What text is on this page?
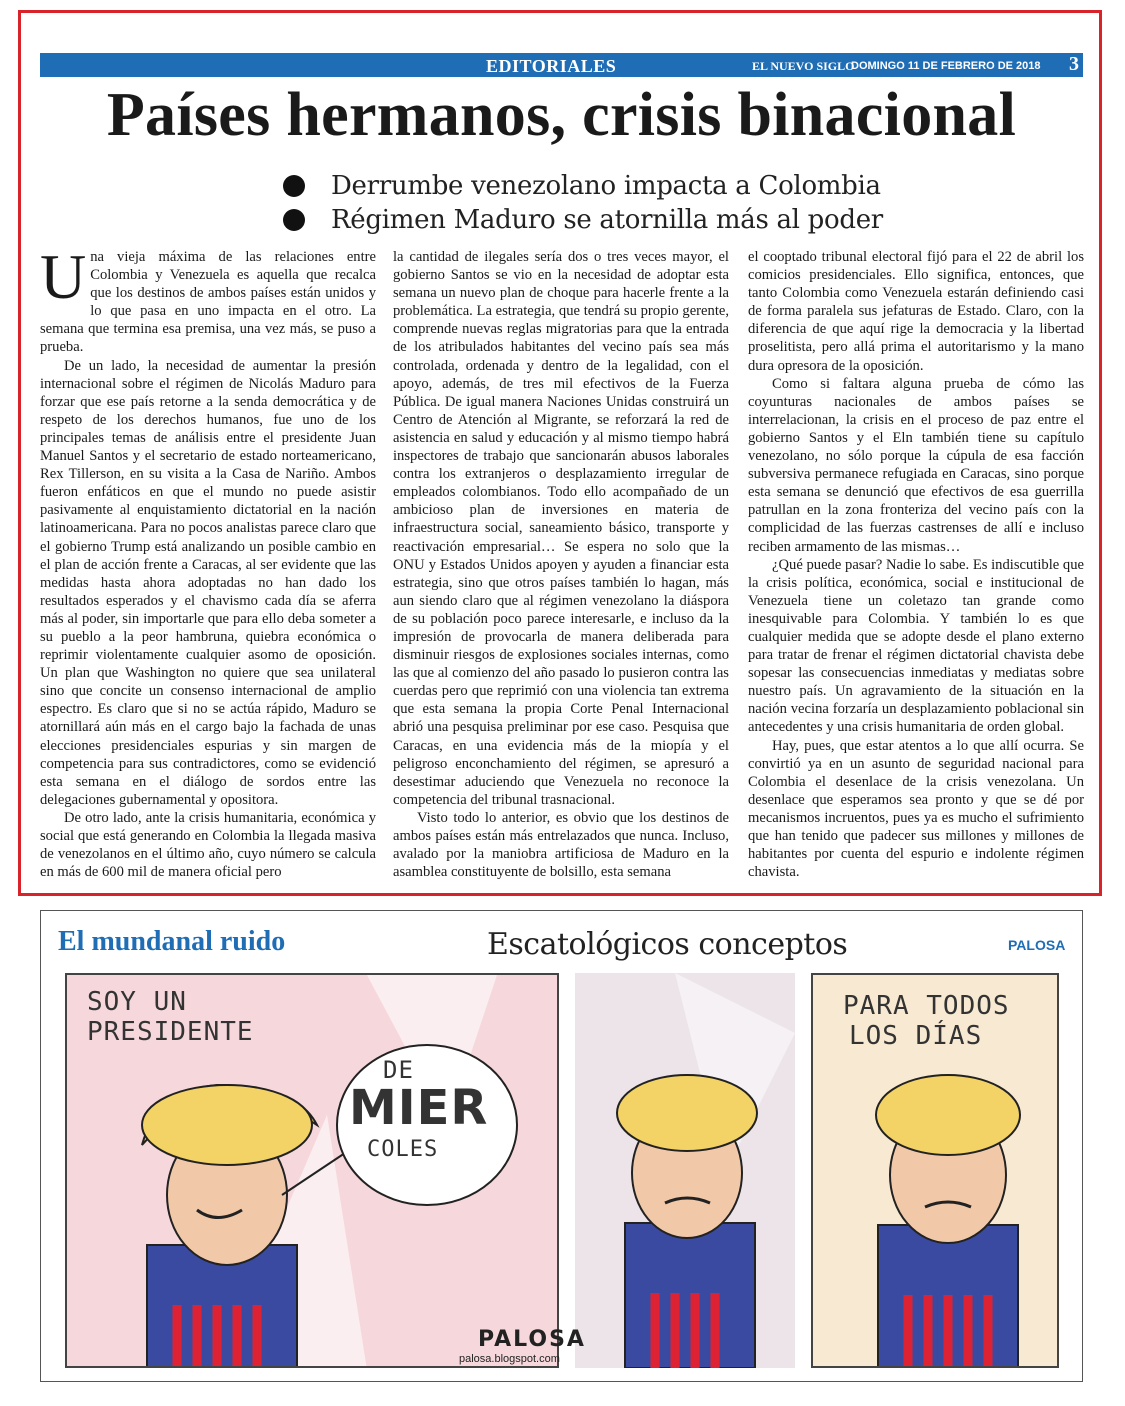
EDITORIALES	EL NUEVO SIGLO
DOMINGO 11 DE FEBRERO DE 2018 3
Países hermanos, crisis binacional
Derrumbe venezolano impacta a Colombia
Régimen Maduro se atornilla más al poder

Una vieja máxima de las relaciones entre Colombia y Venezuela es aquella que recalca que los destinos de ambos países están unidos y lo que pasa en uno impacta en el otro. La semana que termina esa premisa, una vez más, se puso a prueba.

De un lado, la necesidad de aumentar la presión internacional sobre el régimen de Nicolás Maduro para forzar que ese país retorne a la senda democrática y de respeto de los derechos humanos, fue uno de los principales temas de análisis entre el presidente Juan Manuel Santos y el secretario de estado norteamericano, Rex Tillerson, en su visita a la Casa de Nariño. Ambos fueron enfáticos en que el mundo no puede asistir pasivamente al enquistamiento dictatorial en la nación latinoamericana. Para no pocos analistas parece claro que el gobierno Trump está analizando un posible cambio en el plan de acción frente a Caracas, al ser evidente que las medidas hasta ahora adoptadas no han dado los resultados esperados y el chavismo cada día se aferra más al poder, sin importarle que para ello deba someter a su pueblo a la peor hambruna, quiebra económica o reprimir violentamente cualquier asomo de oposición. Un plan que Washington no quiere que sea unilateral sino que concite un consenso internacional de amplio espectro. Es claro que si no se actúa rápido, Maduro se atornillará aún más en el cargo bajo la fachada de unas elecciones presidenciales espurias y sin margen de competencia para sus contradictores, como se evidenció esta semana en el diálogo de sordos entre las delegaciones gubernamental y opositora.

De otro lado, ante la crisis humanitaria, económica y social que está generando en Colombia la llegada masiva de venezolanos en el último año, cuyo número se calcula en más de 600 mil de manera oficial pero

la cantidad de ilegales sería dos o tres veces mayor, el gobierno Santos se vio en la necesidad de adoptar esta semana un nuevo plan de choque para hacerle frente a la problemática. La estrategia, que tendrá su propio gerente, comprende nuevas reglas migratorias para que la entrada de los atribulados habitantes del vecino país sea más controlada, ordenada y dentro de la legalidad, con el apoyo, además, de tres mil efectivos de la Fuerza Pública. De igual manera Naciones Unidas construirá un Centro de Atención al Migrante, se reforzará la red de asistencia en salud y educación y al mismo tiempo habrá inspectores de trabajo que sancionarán abusos laborales contra los extranjeros o desplazamiento irregular de empleados colombianos. Todo ello acompañado de un ambicioso plan de inversiones en materia de infraestructura social, saneamiento básico, transporte y reactivación empresarial… Se espera no solo que la ONU y Estados Unidos apoyen y ayuden a financiar esta estrategia, sino que otros países también lo hagan, más aun siendo claro que al régimen venezolano la diáspora de su población poco parece interesarle, e incluso da la impresión de provocarla de manera deliberada para disminuir riesgos de explosiones sociales internas, como las que al comienzo del año pasado lo pusieron contra las cuerdas pero que reprimió con una violencia tan extrema que esta semana la propia Corte Penal Internacional abrió una pesquisa preliminar por ese caso. Pesquisa que Caracas, en una evidencia más de la miopía y el peligroso enconchamiento del régimen, se apresuró a desestimar aduciendo que Venezuela no reconoce la competencia del tribunal trasnacional.

Visto todo lo anterior, es obvio que los destinos de ambos países están más entrelazados que nunca. Incluso, avalado por la maniobra artificiosa de Maduro en la asamblea constituyente de bolsillo, esta semana

el cooptado tribunal electoral fijó para el 22 de abril los comicios presidenciales. Ello significa, entonces, que tanto Colombia como Venezuela estarán definiendo casi de forma paralela sus jefaturas de Estado. Claro, con la diferencia de que aquí rige la democracia y la libertad proselitista, pero allá prima el autoritarismo y la mano dura opresora de la oposición.

Como si faltara alguna prueba de cómo las coyunturas nacionales de ambos países se interrelacionan, la crisis en el proceso de paz entre el gobierno Santos y el Eln también tiene su capítulo venezolano, no sólo porque la cúpula de esa facción subversiva permanece refugiada en Caracas, sino porque esta semana se denunció que efectivos de esa guerrilla patrullan en la zona fronteriza del vecino país con la complicidad de las fuerzas castrenses de allí e incluso reciben armamento de las mismas…

¿Qué puede pasar? Nadie lo sabe. Es indiscutible que la crisis política, económica, social e institucional de Venezuela tiene un coletazo tan grande como inesquivable para Colombia. Y también lo es que cualquier medida que se adopte desde el plano externo para tratar de frenar el régimen dictatorial chavista debe sopesar las consecuencias inmediatas y mediatas sobre nuestro país. Un agravamiento de la situación en la nación vecina forzaría un desplazamiento poblacional sin antecedentes y una crisis humanitaria de orden global.

Hay, pues, que estar atentos a lo que allí ocurra. Se convirtió ya en un asunto de seguridad nacional para Colombia el desenlace de la crisis venezolana. Un desenlace que esperamos sea pronto y que se dé por mecanismos incruentos, pues ya es mucho el sufrimiento que han tenido que padecer sus millones y millones de habitantes por cuenta del espurio e indolente régimen chavista.

El mundanal ruido	Escatológicos conceptos	PALOSA
SOY UN
PRESIDENTE
DE
MIER
COLES
PARA TODOS
LOS DÍAS
PALOSA
palosa.blogspot.com
